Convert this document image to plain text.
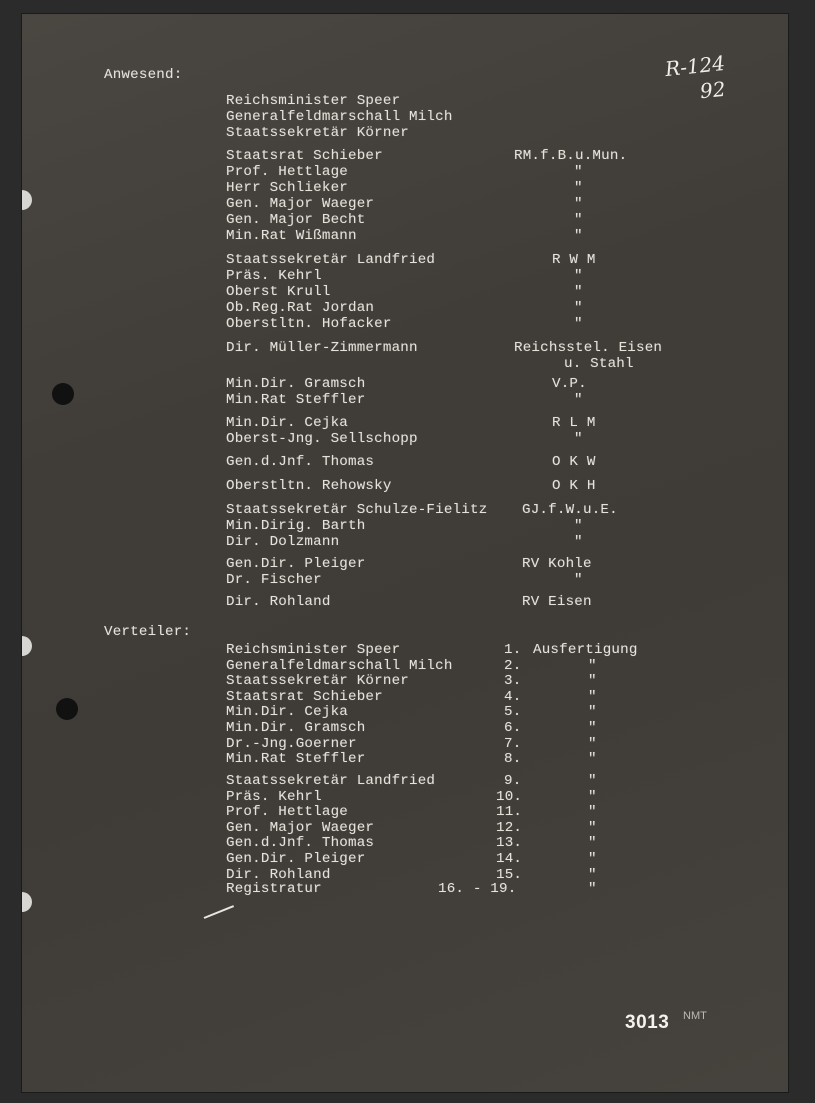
R-124
92
Anwesend:
Reichsminister Speer
Generalfeldmarschall Milch
Staatssekretär Körner
Staatsrat Schieber	RM.f.B.u.Mun.
Prof. Hettlage	"
Herr Schlieker	"
Gen. Major Waeger	"
Gen. Major Becht	"
Min.Rat Wißmann	"
Staatssekretär Landfried	R W M
Präs. Kehrl	"
Oberst Krull	"
Ob.Reg.Rat Jordan	"
Oberstltn. Hofacker	"
Dir. Müller-Zimmermann	Reichsstel. Eisen
u. Stahl
Min.Dir. Gramsch	V.P.
Min.Rat Steffler	"
Min.Dir. Cejka	R L M
Oberst-Jng. Sellschopp	"
Gen.d.Jnf. Thomas	O K W
Oberstltn. Rehowsky	O K H
Staatssekretär Schulze-Fielitz GJ.f.W.u.E.
Min.Dirig. Barth	"
Dir. Dolzmann	"
Gen.Dir. Pleiger	RV Kohle
Dr. Fischer	"
Dir. Rohland	RV Eisen
Verteiler:
Reichsminister Speer	1. Ausfertigung
Generalfeldmarschall Milch	2.	"
Staatssekretär Körner	3.	"
Staatsrat Schieber	4.	"
Min.Dir. Cejka	5.	"
Min.Dir. Gramsch	6.	"
Dr.-Jng.Goerner	7.	"
Min.Rat Steffler	8.	"
Staatssekretär Landfried	9.	"
Präs. Kehrl	10.	"
Prof. Hettlage	11.	"
Gen. Major Waeger	12.	"
Gen.d.Jnf. Thomas	13.	"
Gen.Dir. Pleiger	14.	"
Dir. Rohland	15.	"
Registratur	16. - 19.	"
3013 NMT
